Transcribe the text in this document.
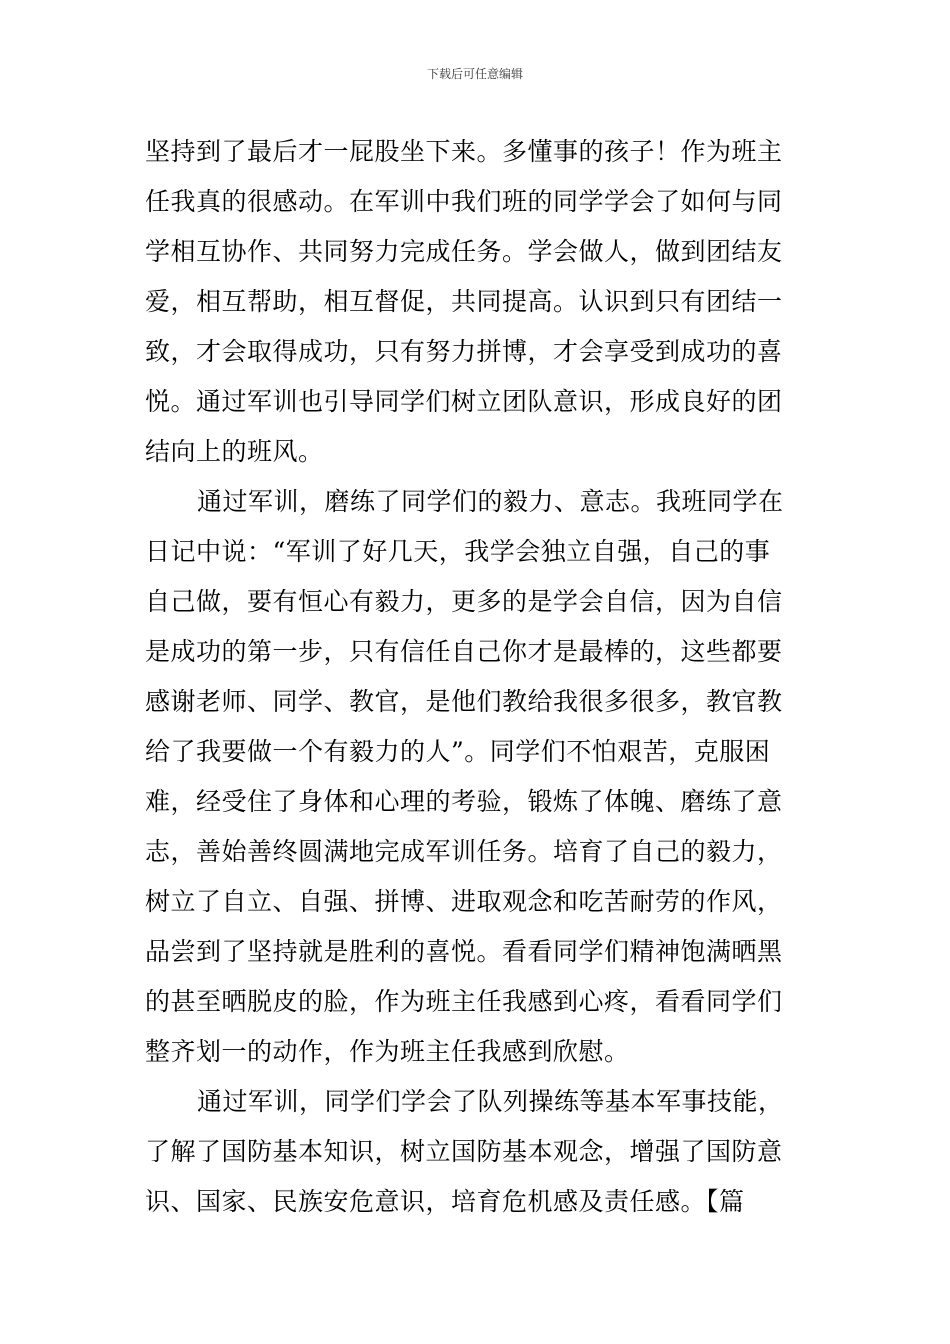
下载后可任意编辑
坚持到了最后才一屁股坐下来。多懂事的孩子！作为班主
任我真的很感动。在军训中我们班的同学学会了如何与同
学相互协作、共同努力完成任务。学会做人，做到团结友
爱，相互帮助，相互督促，共同提高。认识到只有团结一
致，才会取得成功，只有努力拼博，才会享受到成功的喜
悦。通过军训也引导同学们树立团队意识，形成良好的团
结向上的班风。
通过军训，磨练了同学们的毅力、意志。我班同学在
日记中说：“军训了好几天，我学会独立自强，自己的事
自己做，要有恒心有毅力，更多的是学会自信，因为自信
是成功的第一步，只有信任自己你才是最棒的，这些都要
感谢老师、同学、教官，是他们教给我很多很多，教官教
给了我要做一个有毅力的人”。同学们不怕艰苦，克服困
难，经受住了身体和心理的考验，锻炼了体魄、磨练了意
志，善始善终圆满地完成军训任务。培育了自己的毅力，
树立了自立、自强、拼博、进取观念和吃苦耐劳的作风，
品尝到了坚持就是胜利的喜悦。看看同学们精神饱满晒黑
的甚至晒脱皮的脸，作为班主任我感到心疼，看看同学们
整齐划一的动作，作为班主任我感到欣慰。
通过军训，同学们学会了队列操练等基本军事技能，
了解了国防基本知识，树立国防基本观念，增强了国防意
识、国家、民族安危意识，培育危机感及责任感。【篇
